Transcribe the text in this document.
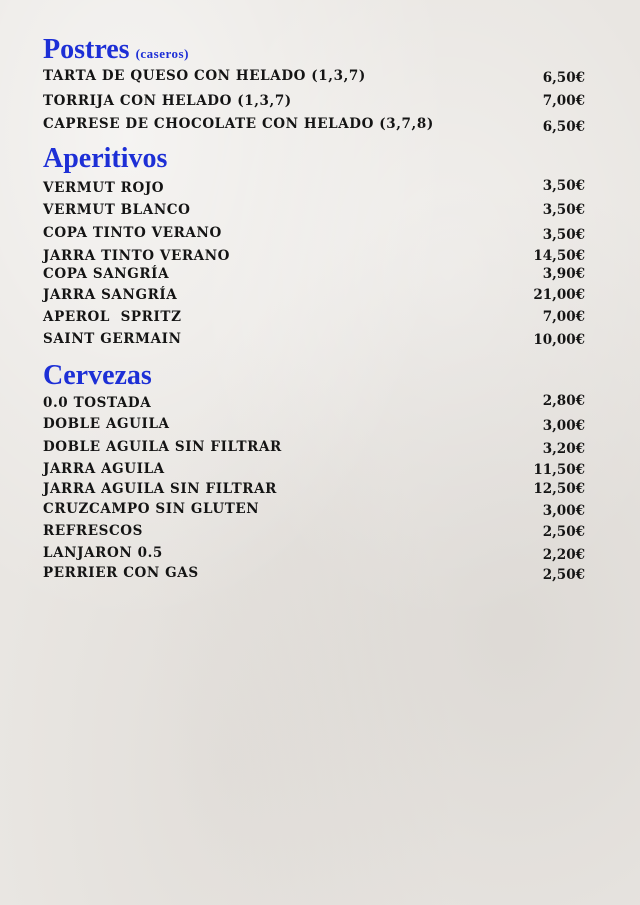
Postres (caseros)
TARTA DE QUESO CON HELADO (1,3,7)	6,50€
TORRIJA CON HELADO (1,3,7)	7,00€
CAPRESE DE CHOCOLATE CON HELADO (3,7,8)	6,50€
Aperitivos
VERMUT ROJO	3,50€
VERMUT BLANCO	3,50€
COPA TINTO VERANO	3,50€
JARRA TINTO VERANO	14,50€
COPA SANGRÍA	3,90€
JARRA SANGRÍA	21,00€
APEROL  SPRITZ	7,00€
SAINT GERMAIN	10,00€
Cervezas
0.0 TOSTADA	2,80€
DOBLE AGUILA	3,00€
DOBLE AGUILA SIN FILTRAR	3,20€
JARRA AGUILA	11,50€
JARRA AGUILA SIN FILTRAR	12,50€
CRUZCAMPO SIN GLUTEN	3,00€
REFRESCOS	2,50€
LANJARON 0.5	2,20€
PERRIER CON GAS	2,50€
